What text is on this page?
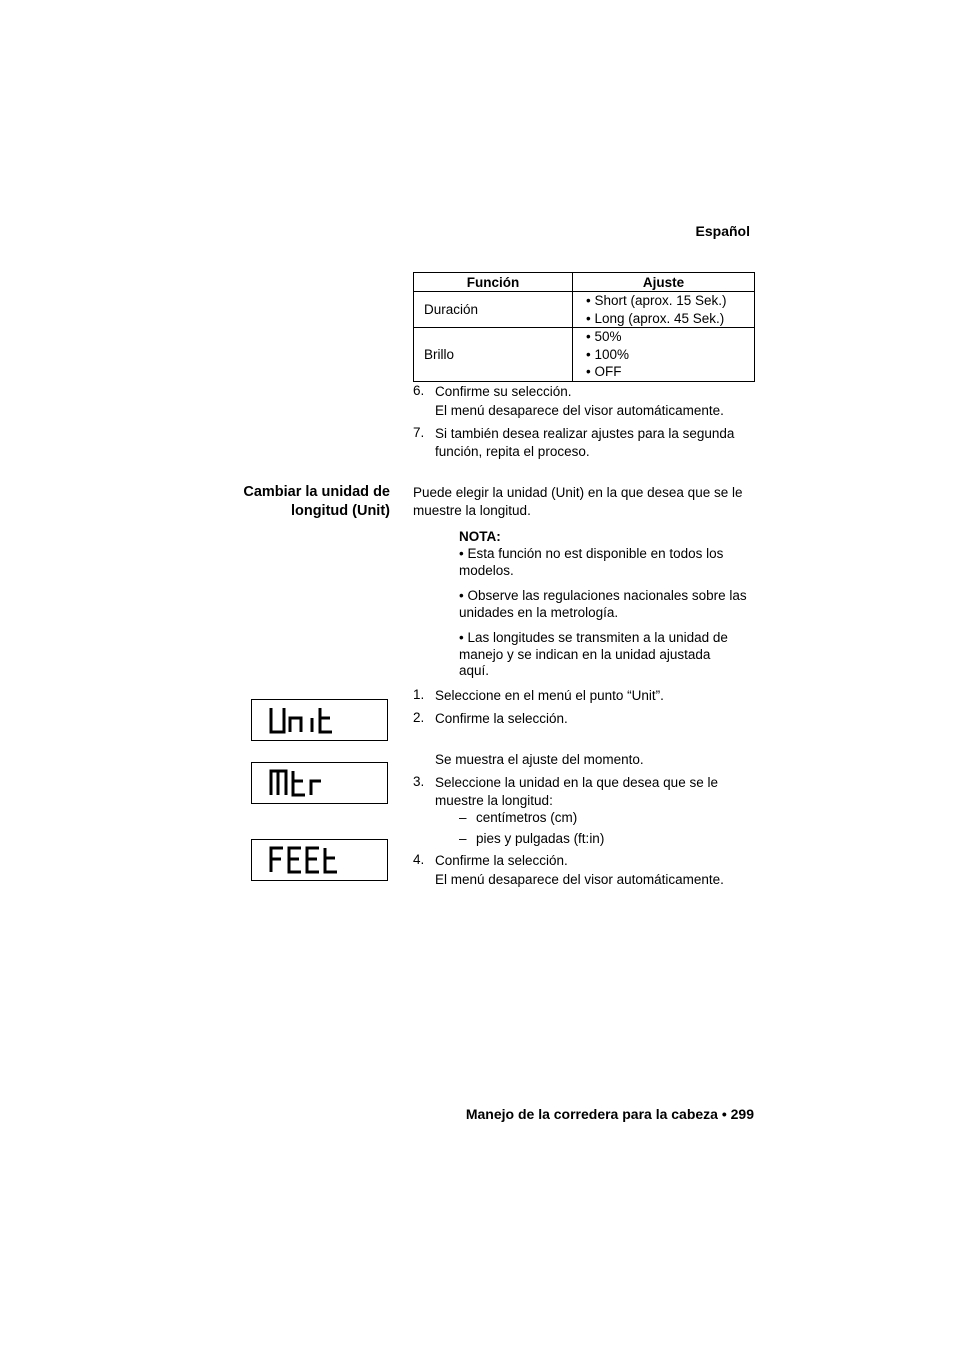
Español
Función	Ajuste
Duración	• Short (aprox. 15 Sek.)
• Long (aprox. 45 Sek.)

Brillo	• 50%
• 100%
• OFF
6. Confirme su selección.
El menú desaparece del visor automáticamente.
7. Si también desea realizar ajustes para la segunda
función, repita el proceso.
Cambiar la unidad de
longitud (Unit)
Puede elegir la unidad (Unit) en la que desea que se le
muestre la longitud.
NOTA:
• Esta función no est disponible en todos los
modelos.
• Observe las regulaciones nacionales sobre las
unidades en la metrología.
• Las longitudes se transmiten a la unidad de
manejo y se indican en la unidad ajustada
aquí.
1. Seleccione en el menú el punto “Unit”.
2. Confirme la selección.
Se muestra el ajuste del momento.
3. Seleccione la unidad en la que desea que se le
muestre la longitud:
– centímetros (cm)
– pies y pulgadas (ft:in)
4. Confirme la selección.
El menú desaparece del visor automáticamente.
Manejo de la corredera para la cabeza • 299
